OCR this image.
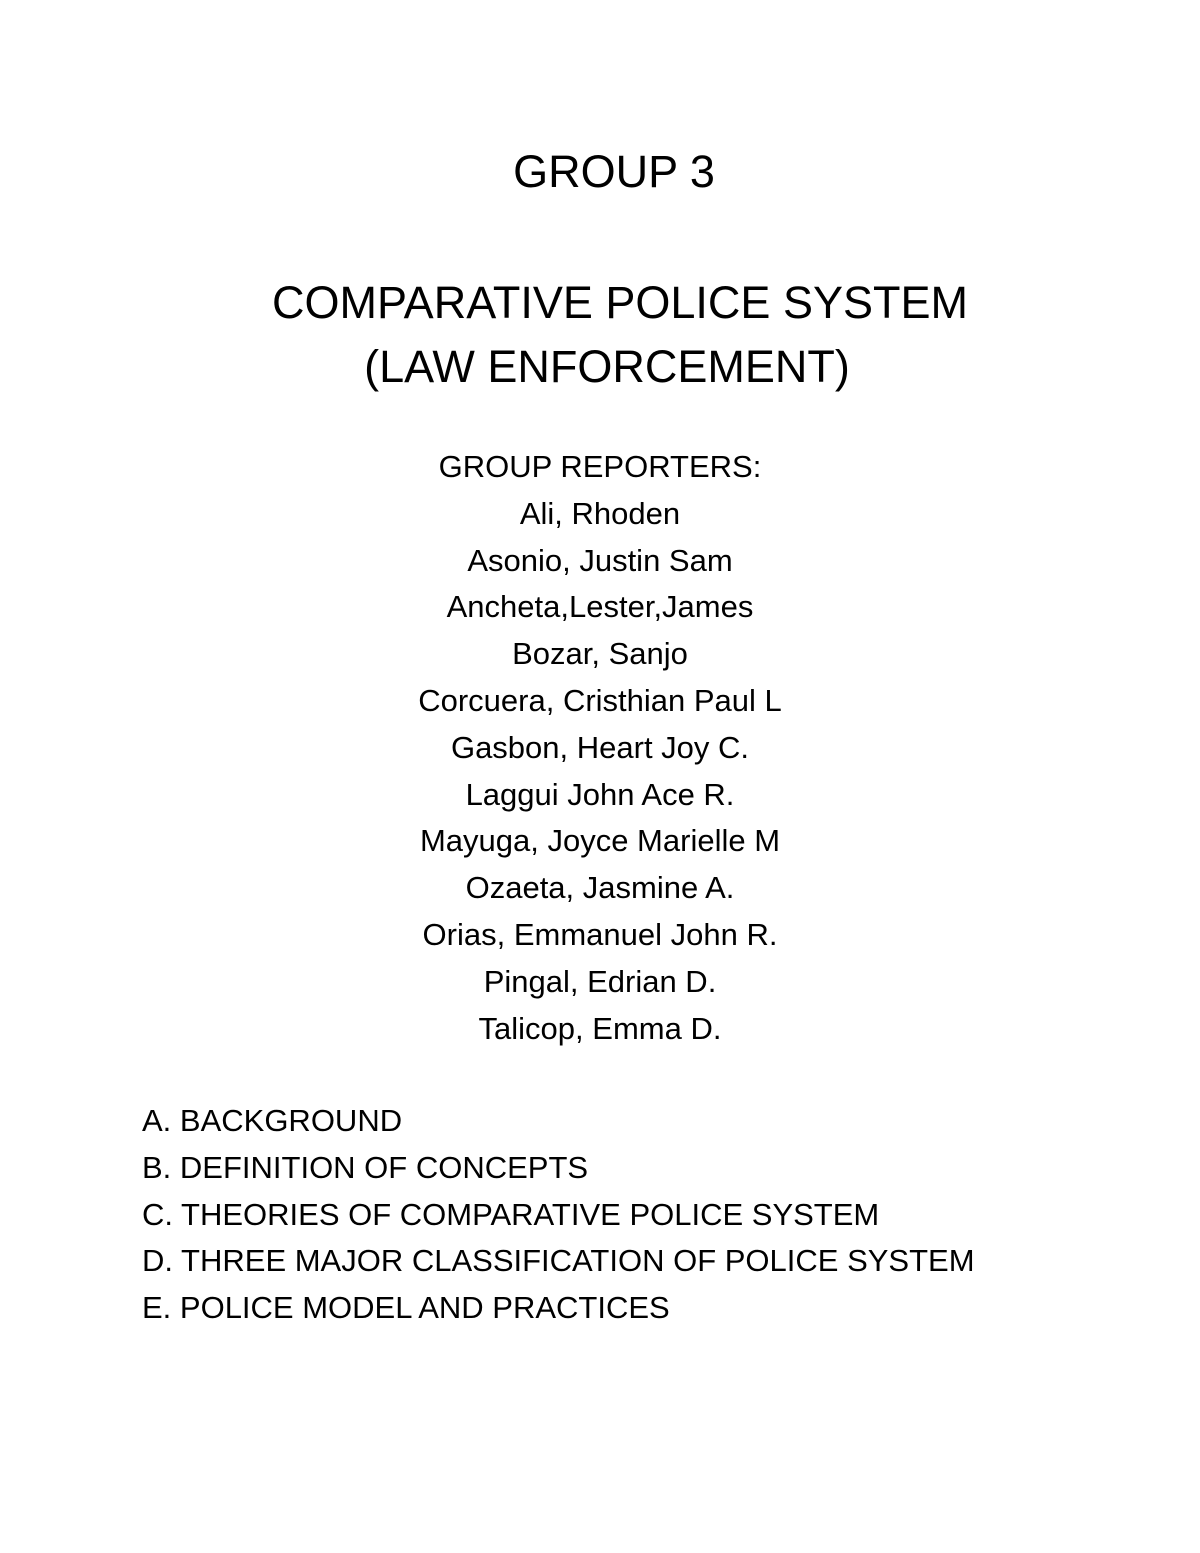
GROUP 3
COMPARATIVE POLICE SYSTEM
(LAW ENFORCEMENT)
GROUP REPORTERS:
Ali, Rhoden
Asonio, Justin Sam
Ancheta,Lester,James
Bozar, Sanjo
Corcuera, Cristhian Paul L
Gasbon, Heart Joy C.
Laggui John Ace R.
Mayuga, Joyce Marielle M
Ozaeta, Jasmine A.
Orias, Emmanuel John R.
Pingal, Edrian D.
Talicop, Emma D.
A. BACKGROUND
B. DEFINITION OF CONCEPTS
C. THEORIES OF COMPARATIVE POLICE SYSTEM
D. THREE MAJOR CLASSIFICATION OF POLICE SYSTEM
E. POLICE MODEL AND PRACTICES
